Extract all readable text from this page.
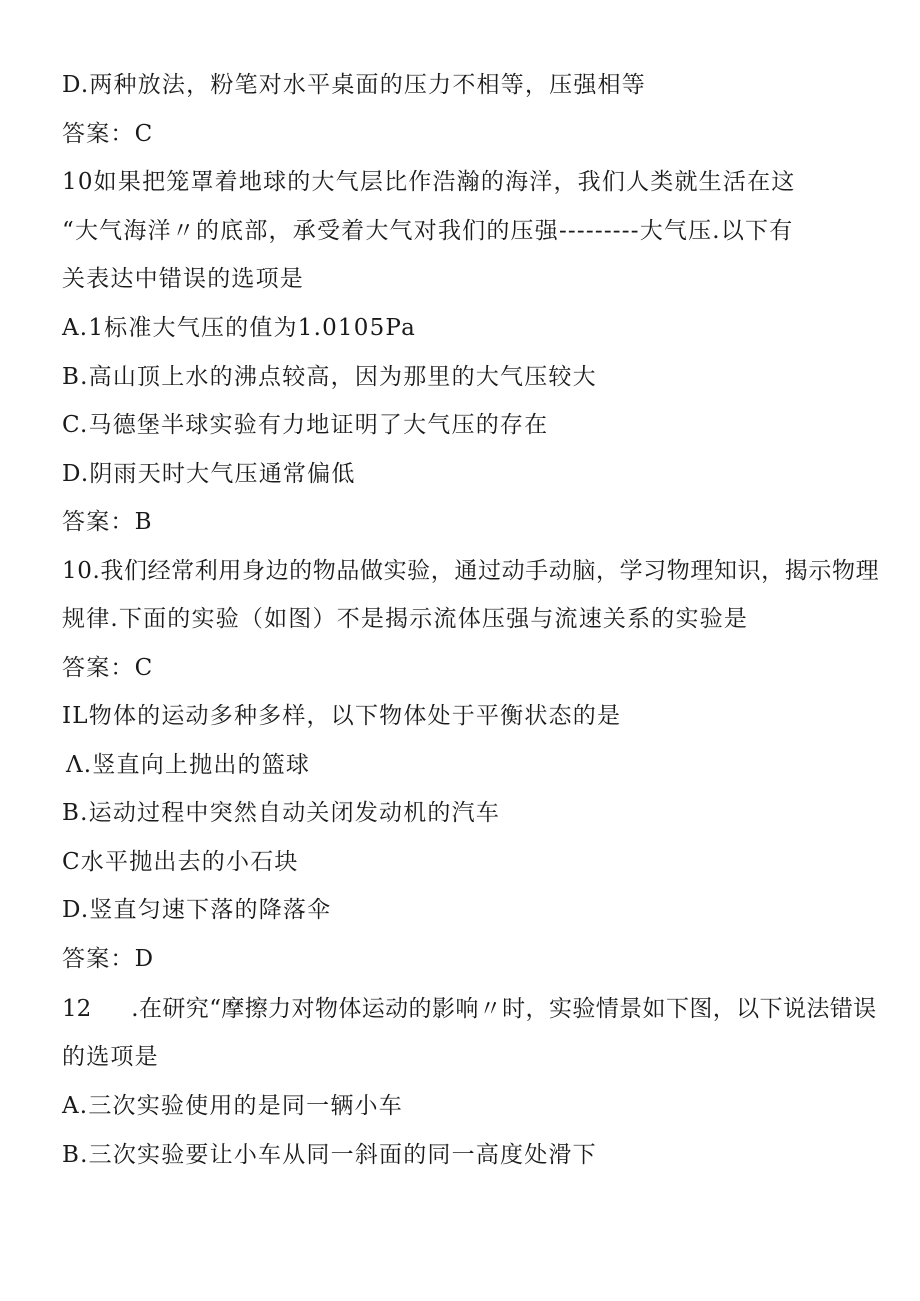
D.两种放法，粉笔对水平桌面的压力不相等，压强相等
答案：C
10如果把笼罩着地球的大气层比作浩瀚的海洋，我们人类就生活在这
“大气海洋〃的底部，承受着大气对我们的压强---------大气压.以下有
关表达中错误的选项是
A.1标准大气压的值为1.0105Pa
B.高山顶上水的沸点较高，因为那里的大气压较大
C.马德堡半球实验有力地证明了大气压的存在
D.阴雨天时大气压通常偏低
答案：B
10.我们经常利用身边的物品做实验，通过动手动脑，学习物理知识，揭示物理
规律.下面的实验（如图）不是揭示流体压强与流速关系的实验是
答案：C
IL物体的运动多种多样，以下物体处于平衡状态的是
Λ.竖直向上抛出的篮球
B.运动过程中突然自动关闭发动机的汽车
C水平抛出去的小石块
D.竖直匀速下落的降落伞
答案：D
12 .在研究“摩擦力对物体运动的影响〃时，实验情景如下图，以下说法错误
的选项是
A.三次实验使用的是同一辆小车
B.三次实验要让小车从同一斜面的同一高度处滑下
